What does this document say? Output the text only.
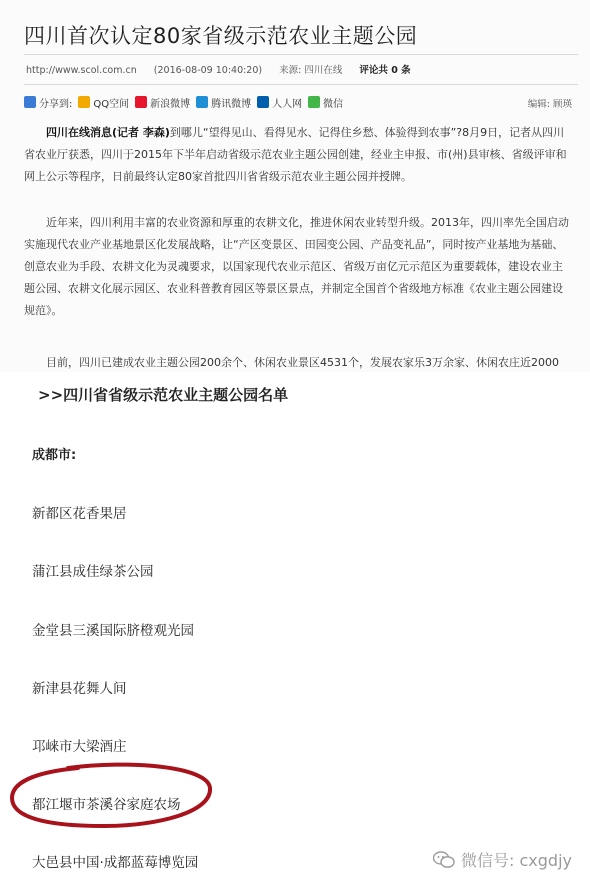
四川首次认定80家省级示范农业主题公园
http://www.scol.com.cn (2016-08-09 10:40:20) 来源: 四川在线 评论共 0 条
分享到: QQ空间 新浪微博 腾讯微博 人人网 微信	编辑: 顾瑛
四川在线消息(记者 李森)到哪儿“望得见山、看得见水、记得住乡愁、体验得到农事”?8月9日，记者从四川省农业厅获悉，四川于2015年下半年启动省级示范农业主题公园创建，经业主申报、市(州)县审核、省级评审和网上公示等程序，日前最终认定80家首批四川省省级示范农业主题公园并授牌。
近年来，四川利用丰富的农业资源和厚重的农耕文化，推进休闲农业转型升级。2013年，四川率先全国启动实施现代农业产业基地景区化发展战略，让“产区变景区、田园变公园、产品变礼品”，同时按产业基地为基础、创意农业为手段、农耕文化为灵魂要求，以国家现代农业示范区、省级万亩亿元示范区为重要载体，建设农业主题公园、农耕文化展示园区、农业科普教育园区等景区景点，并制定全国首个省级地方标准《农业主题公园建设规范》。
目前，四川已建成农业主题公园200余个、休闲农业景区4531个，发展农家乐3万余家、休闲农庄近2000
>>四川省省级示范农业主题公园名单
成都市:
新都区花香果居
蒲江县成佳绿茶公园
金堂县三溪国际脐橙观光园
新津县花舞人间
邛崃市大梁酒庄
都江堰市茶溪谷家庭农场
大邑县中国·成都蓝莓博览园	微信号: cxgdjy
